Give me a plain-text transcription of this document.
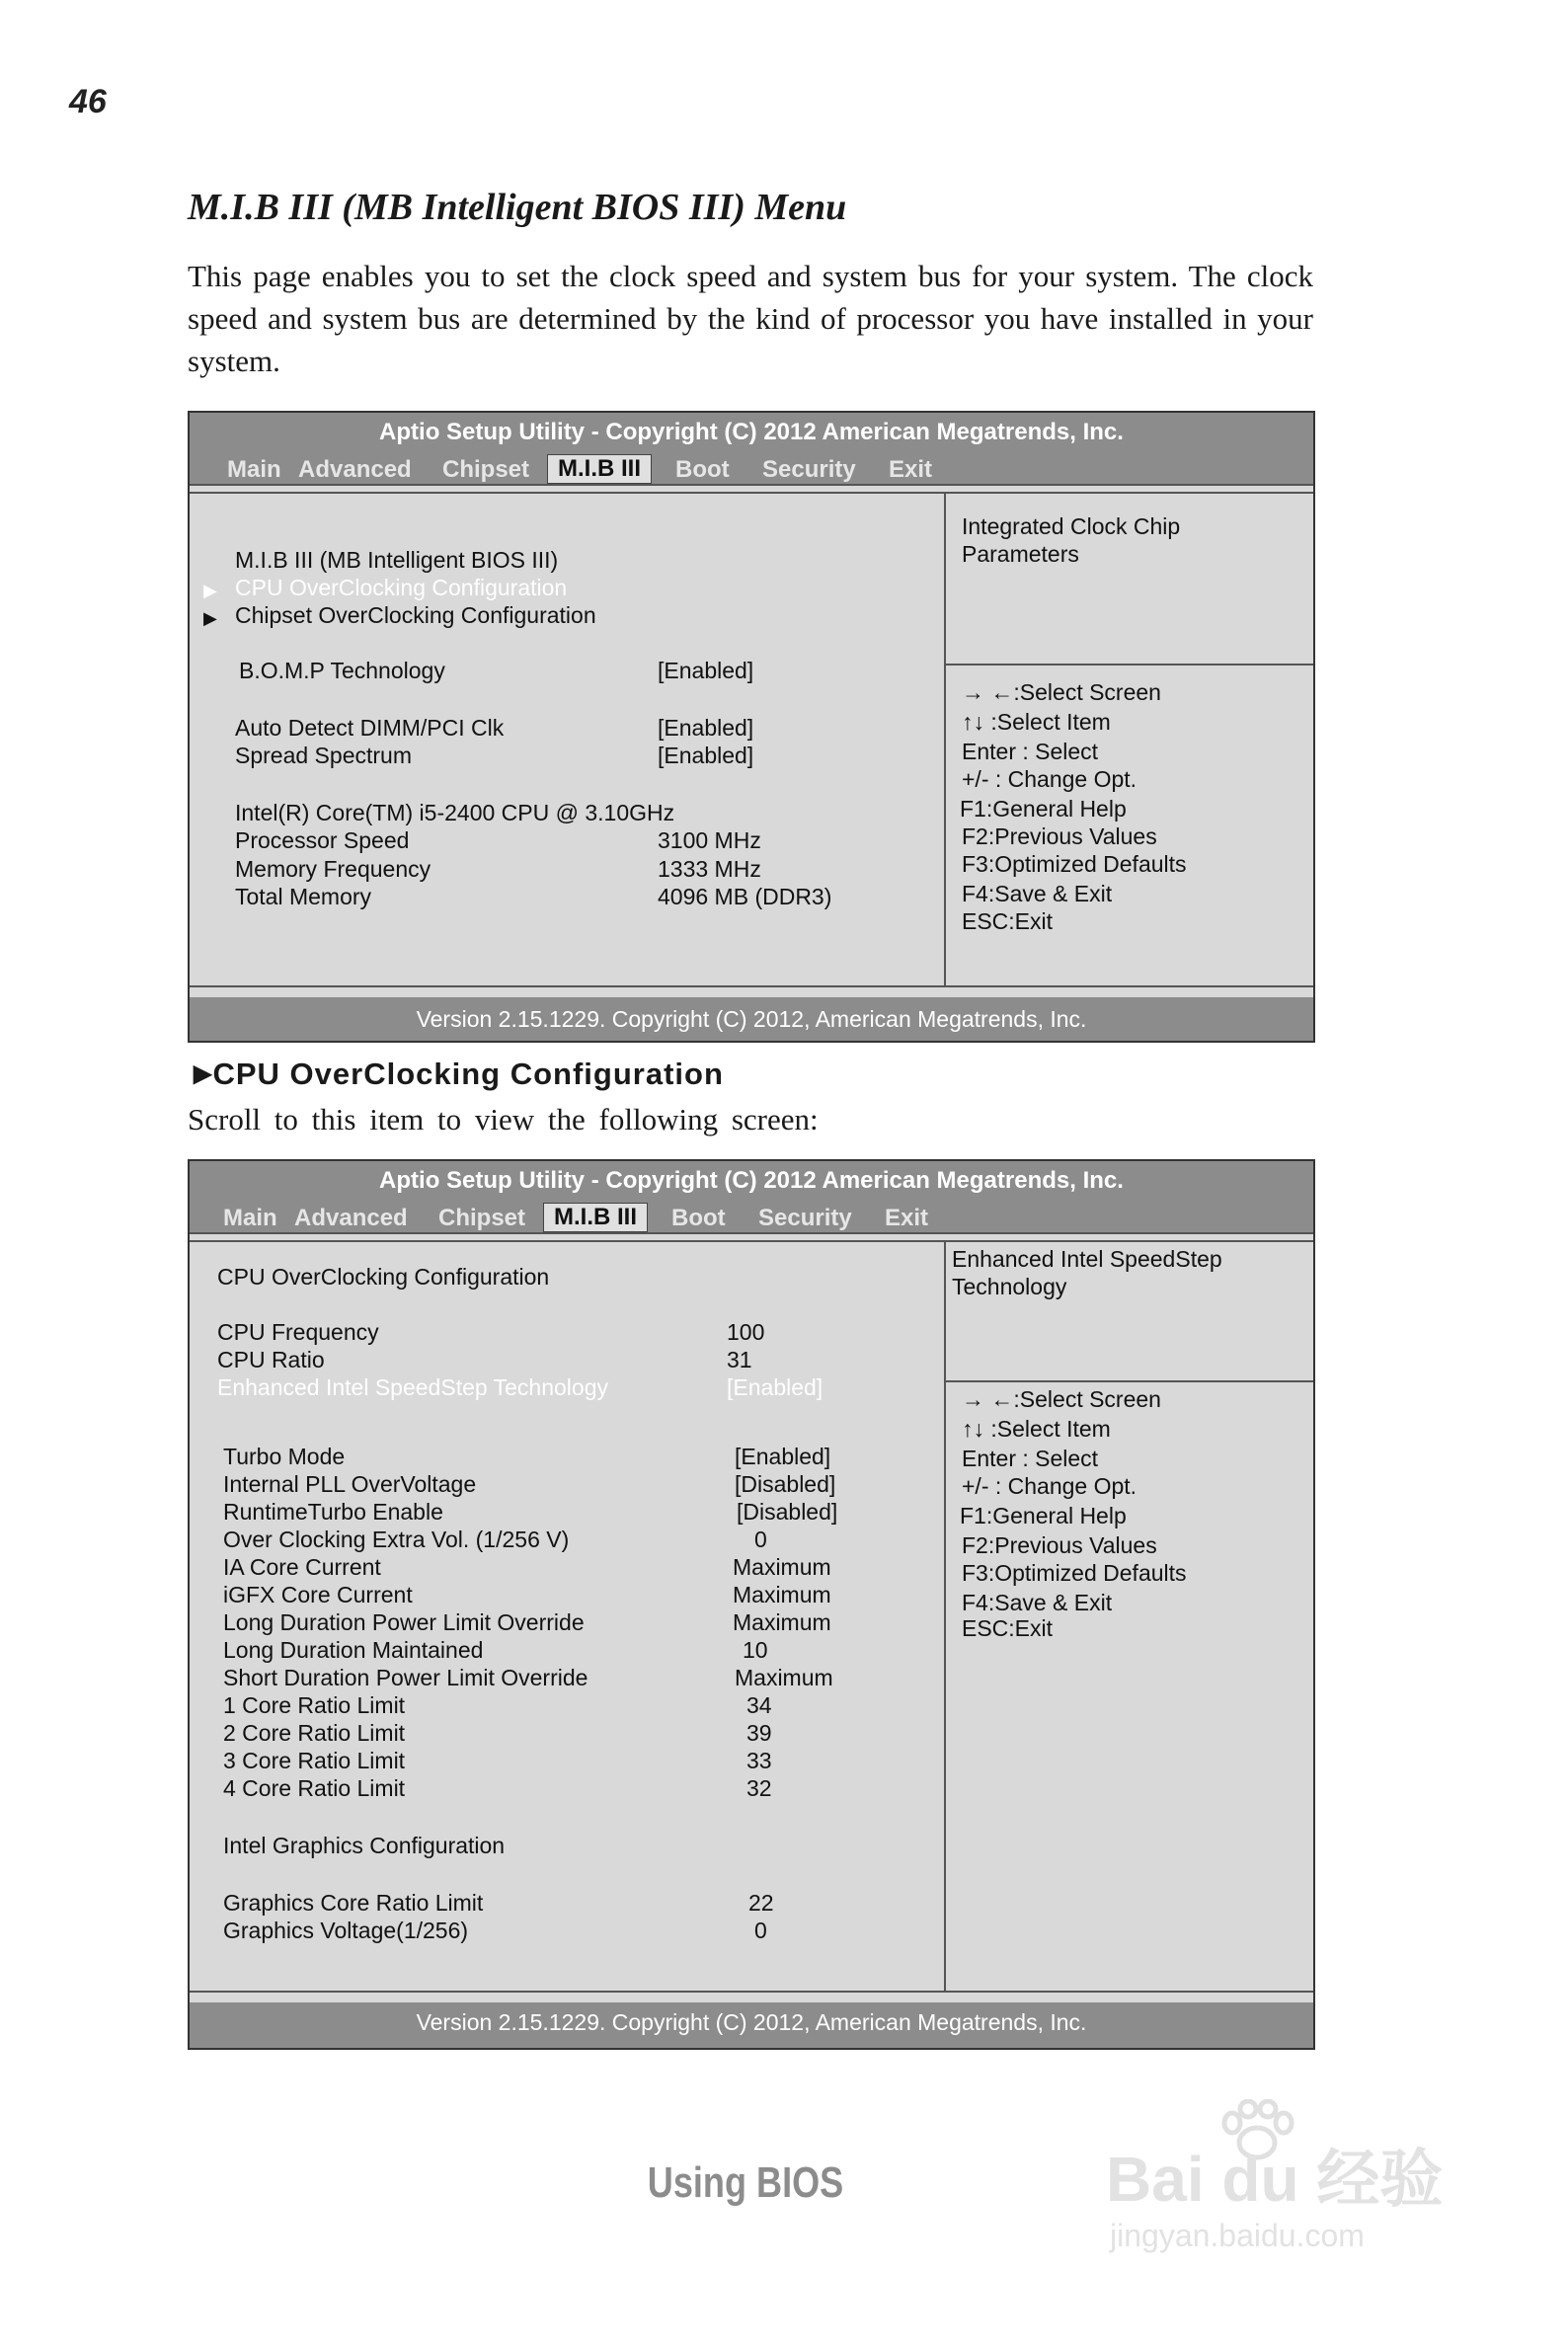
46
M.I.B III (MB Intelligent BIOS III) Menu
This page enables you to set the clock speed and system bus for your system. The clock speed and system bus are determined by the kind of processor you have installed in your system.
Aptio Setup Utility - Copyright (C) 2012 American Megatrends, Inc.
Main Advanced Chipset	M.I.B III	Boot Security Exit
M.I.B III (MB Intelligent BIOS III)
▶ CPU OverClocking Configuration
▶ Chipset OverClocking Configuration
B.O.M.P Technology	[Enabled]
Auto Detect DIMM/PCI Clk	[Enabled]
Spread Spectrum	[Enabled]
Intel(R) Core(TM) i5-2400 CPU @ 3.10GHz
Processor Speed	3100 MHz
Memory Frequency	1333 MHz
Total Memory	4096 MB (DDR3)
Integrated Clock Chip
Parameters
→ ←:Select Screen
↑↓ :Select Item
Enter : Select
+/- : Change Opt.
F1:General Help
F2:Previous Values
F3:Optimized Defaults
F4:Save & Exit
ESC:Exit
Version 2.15.1229. Copyright (C) 2012, American Megatrends, Inc.
▶CPU OverClocking Configuration
Scroll to this item to view the following screen:
Aptio Setup Utility - Copyright (C) 2012 American Megatrends, Inc.
Main Advanced Chipset	M.I.B III	Boot Security Exit
CPU OverClocking Configuration
CPU Frequency	100
CPU Ratio	31
Enhanced Intel SpeedStep Technology	[Enabled]
Turbo Mode	[Enabled]
Internal PLL OverVoltage	[Disabled]
RuntimeTurbo Enable	[Disabled]
Over Clocking Extra Vol. (1/256 V)	0
IA Core Current	Maximum
iGFX Core Current	Maximum
Long Duration Power Limit Override	Maximum
Long Duration Maintained	10
Short Duration Power Limit Override	Maximum
1 Core Ratio Limit	34
2 Core Ratio Limit	39
3 Core Ratio Limit	33
4 Core Ratio Limit	32
Intel Graphics Configuration
Graphics Core Ratio Limit	22
Graphics Voltage(1/256)	0
Enhanced Intel SpeedStep
Technology
→ ←:Select Screen
↑↓ :Select Item
Enter : Select
+/- : Change Opt.
F1:General Help
F2:Previous Values
F3:Optimized Defaults
F4:Save & Exit
ESC:Exit
Version 2.15.1229. Copyright (C) 2012, American Megatrends, Inc.
Using BIOS	Bai du 经验
jingyan.baidu.com
